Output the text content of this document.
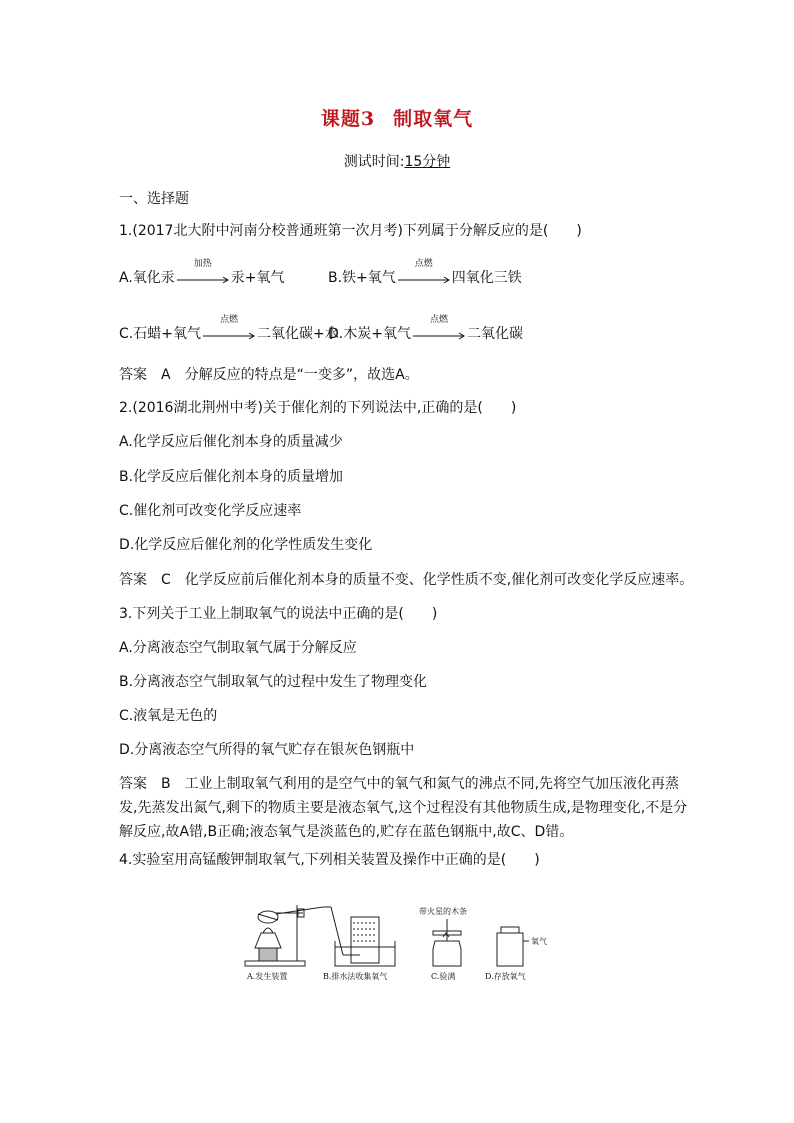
课题3 制取氧气
测试时间:15分钟
一、选择题
1.(2017北大附中河南分校普通班第一次月考)下列属于分解反应的是(　　)
A.氧化汞
加热
汞+氧气	B.铁+氧气
点燃
四氧化三铁
C.石蜡+氧气
点燃
二氧化碳+水
D.木炭+氧气
点燃
二氧化碳
答案　A　分解反应的特点是“一变多”，故选A。
2.(2016湖北荆州中考)关于催化剂的下列说法中,正确的是(　　)
A.化学反应后催化剂本身的质量减少
B.化学反应后催化剂本身的质量增加
C.催化剂可改变化学反应速率
D.化学反应后催化剂的化学性质发生变化
答案　C　化学反应前后催化剂本身的质量不变、化学性质不变,催化剂可改变化学反应速率。
3.下列关于工业上制取氧气的说法中正确的是(　　)
A.分离液态空气制取氧气属于分解反应
B.分离液态空气制取氧气的过程中发生了物理变化
C.液氧是无色的
D.分离液态空气所得的氧气贮存在银灰色钢瓶中
答案　B　工业上制取氧气利用的是空气中的氧气和氮气的沸点不同,先将空气加压液化再蒸发,先蒸发出氮气,剩下的物质主要是液态氧气,这个过程没有其他物质生成,是物理变化,不是分解反应,故A错,B正确;液态氧气是淡蓝色的,贮存在蓝色钢瓶中,故C、D错。
4.实验室用高锰酸钾制取氧气,下列相关装置及操作中正确的是(　　)
A.发生装置	B.排水法收集氧气	C.验满	D.存放氧气
带火星的木条
氧气
